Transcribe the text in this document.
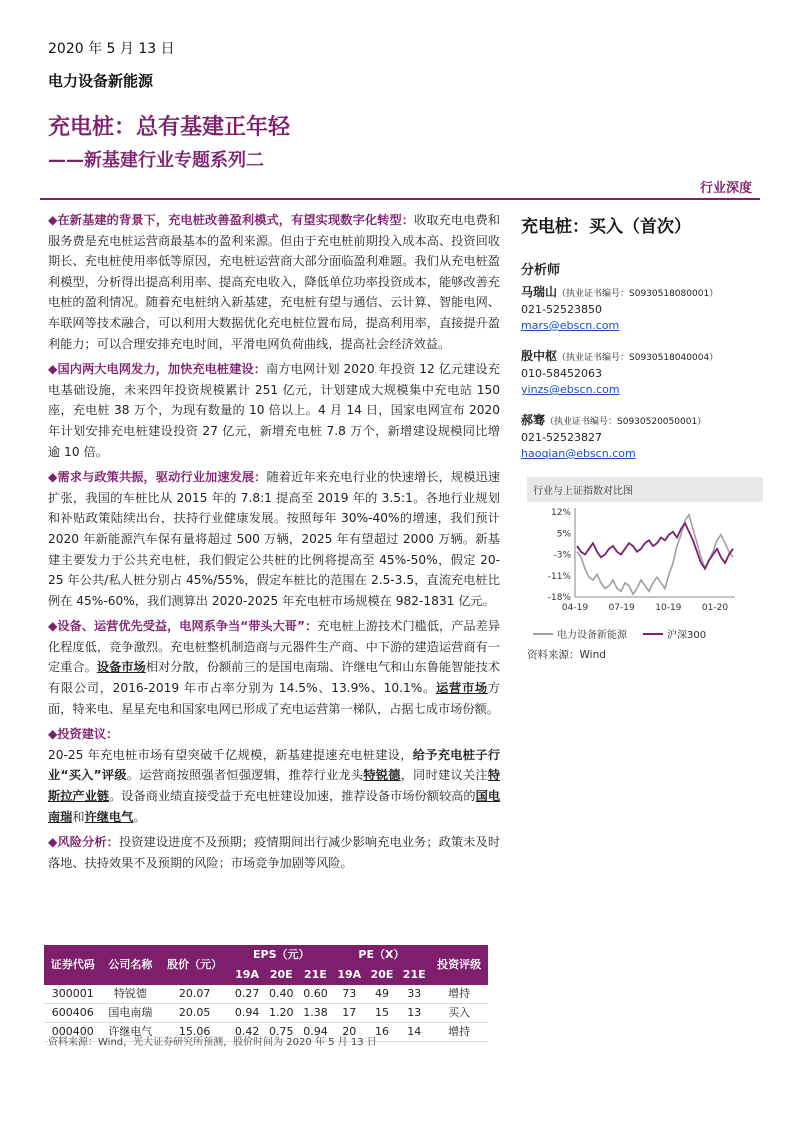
2020 年 5 月 13 日
电力设备新能源
充电桩：总有基建正年轻
——新基建行业专题系列二
行业深度
◆在新基建的背景下，充电桩改善盈利模式，有望实现数字化转型：收取充电电费和服务费是充电桩运营商最基本的盈利来源。但由于充电桩前期投入成本高、投资回收期长、充电桩使用率低等原因，充电桩运营商大部分面临盈利难题。我们从充电桩盈利模型，分析得出提高利用率、提高充电收入，降低单位功率投资成本，能够改善充电桩的盈利情况。随着充电桩纳入新基建，充电桩有望与通信、云计算、智能电网、车联网等技术融合，可以利用大数据优化充电桩位置布局，提高利用率，直接提升盈利能力；可以合理安排充电时间，平滑电网负荷曲线，提高社会经济效益。
◆国内两大电网发力，加快充电桩建设：南方电网计划 2020 年投资 12 亿元建设充电基础设施，未来四年投资规模累计 251 亿元，计划建成大规模集中充电站 150 座，充电桩 38 万个，为现有数量的 10 倍以上。4 月 14 日，国家电网宣布 2020 年计划安排充电桩建设投资 27 亿元，新增充电桩 7.8 万个，新增建设规模同比增逾 10 倍。
◆需求与政策共振，驱动行业加速发展：随着近年来充电行业的快速增长，规模迅速扩张，我国的车桩比从 2015 年的 7.8:1 提高至 2019 年的 3.5:1。各地行业规划和补贴政策陆续出台，扶持行业健康发展。按照每年 30%-40%的增速，我们预计 2020 年新能源汽车保有量将超过 500 万辆，2025 年有望超过 2000 万辆。新基建主要发力于公共充电桩，我们假定公共桩的比例将提高至 45%-50%，假定 20-25 年公共/私人桩分别占 45%/55%，假定车桩比的范围在 2.5-3.5，直流充电桩比例在 45%-60%，我们测算出 2020-2025 年充电桩市场规模在 982-1831 亿元。
◆设备、运营优先受益，电网系争当“带头大哥”：充电桩上游技术门槛低，产品差异化程度低，竞争激烈。充电桩整机制造商与元器件生产商、中下游的建造运营商有一定重合。设备市场相对分散，份额前三的是国电南瑞、许继电气和山东鲁能智能技术有限公司，2016-2019 年市占率分别为 14.5%、13.9%、10.1%。运营市场方面，特来电、星星充电和国家电网已形成了充电运营第一梯队，占据七成市场份额。
◆投资建议：
20-25 年充电桩市场有望突破千亿规模，新基建提速充电桩建设，给予充电桩子行业“买入”评级。运营商按照强者恒强逻辑，推荐行业龙头特锐德，同时建议关注特斯拉产业链。设备商业绩直接受益于充电桩建设加速，推荐设备市场份额较高的国电南瑞和许继电气。
◆风险分析：投资建设进度不及预期；疫情期间出行减少影响充电业务；政策未及时落地、扶持效果不及预期的风险；市场竞争加剧等风险。
充电桩：买入（首次）
分析师
马瑞山（执业证书编号：S0930518080001）
021-52523850
mars@ebscn.com
殷中枢（执业证书编号：S0930518040004）
010-58452063
yinzs@ebscn.com
郝骞（执业证书编号：S0930520050001）
021-52523827
haoqian@ebscn.com
行业与上证指数对比图
12%
5%
-3%
-11%
-18%
04-19 07-19 10-19 01-20
电力设备新能源	沪深300
资料来源：Wind
证券代码	公司名称	股价（元）	EPS（元）			PE（X）			投资评级
			19A	20E	21E	19A	20E	21E	
300001	特锐德	20.07	0.27	0.40	0.60	73	49	33	增持
600406	国电南瑞	20.05	0.94	1.20	1.38	17	15	13	买入
000400	许继电气	15.06	0.42	0.75	0.94	20	16	14	增持
资料来源：Wind，光大证券研究所预测，股价时间为 2020 年 5 月 13 日
